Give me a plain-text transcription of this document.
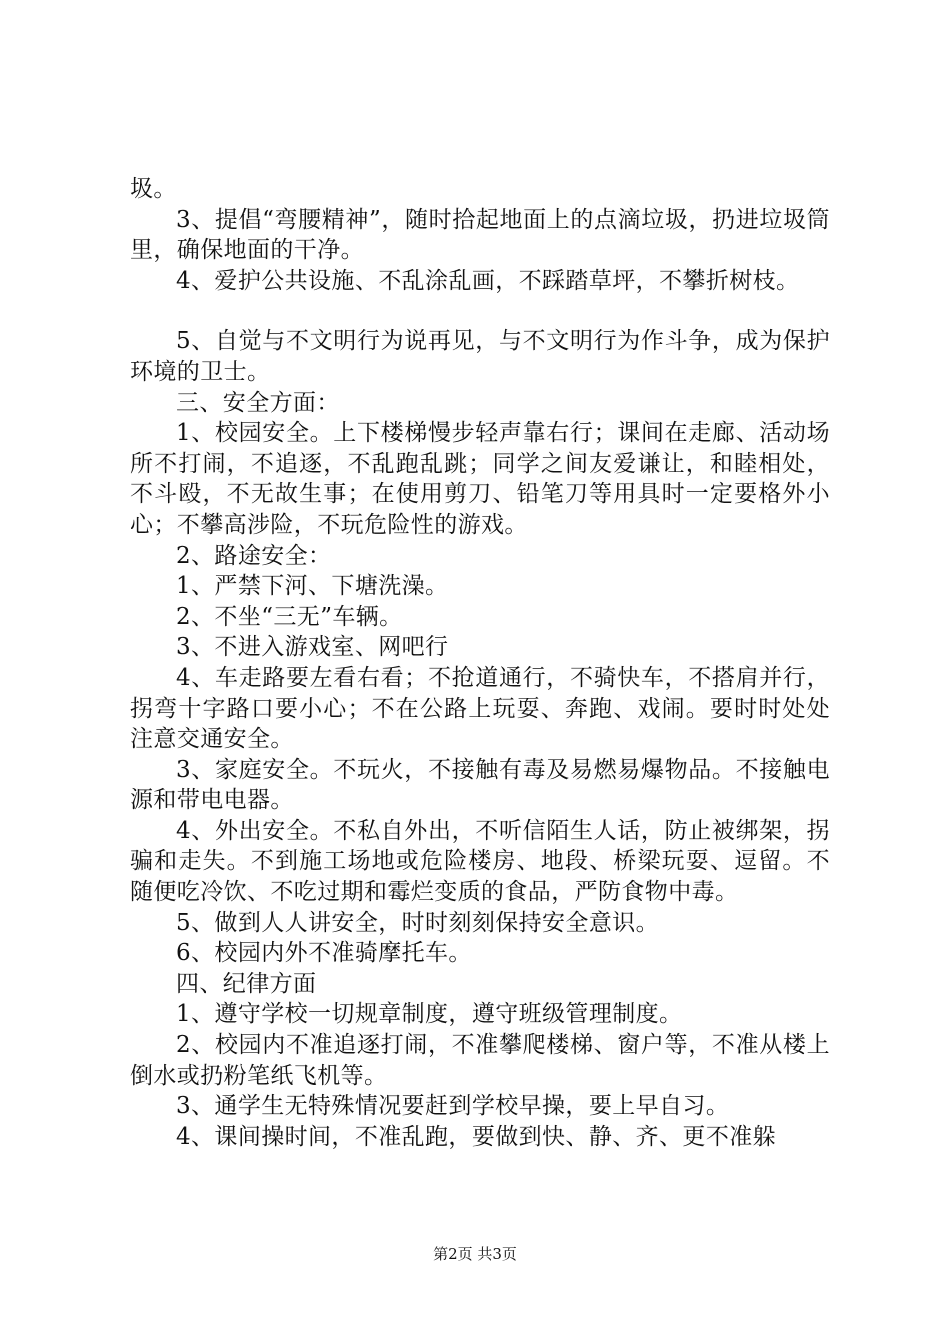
圾。

3、提倡“弯腰精神”，随时拾起地面上的点滴垃圾，扔进垃圾筒里，确保地面的干净。

4、爱护公共设施、不乱涂乱画，不踩踏草坪，不攀折树枝。

5、自觉与不文明行为说再见，与不文明行为作斗争，成为保护环境的卫士。

三、安全方面：

1、校园安全。上下楼梯慢步轻声靠右行；课间在走廊、活动场所不打闹，不追逐，不乱跑乱跳；同学之间友爱谦让，和睦相处，不斗殴，不无故生事；在使用剪刀、铅笔刀等用具时一定要格外小心；不攀高涉险，不玩危险性的游戏。

2、路途安全：

1、严禁下河、下塘洗澡。

2、不坐“三无”车辆。

3、不进入游戏室、网吧行

4、车走路要左看右看；不抢道通行，不骑快车，不搭肩并行，拐弯十字路口要小心；不在公路上玩耍、奔跑、戏闹。要时时处处注意交通安全。

3、家庭安全。不玩火，不接触有毒及易燃易爆物品。不接触电源和带电电器。

4、外出安全。不私自外出，不听信陌生人话，防止被绑架，拐骗和走失。不到施工场地或危险楼房、地段、桥梁玩耍、逗留。不随便吃冷饮、不吃过期和霉烂变质的食品，严防食物中毒。

5、做到人人讲安全，时时刻刻保持安全意识。

6、校园内外不准骑摩托车。

四、纪律方面

1、遵守学校一切规章制度，遵守班级管理制度。

2、校园内不准追逐打闹，不准攀爬楼梯、窗户等，不准从楼上倒水或扔粉笔纸飞机等。

3、通学生无特殊情况要赶到学校早操，要上早自习。

4、课间操时间，不准乱跑，要做到快、静、齐、更不准躲

第2页 共3页
